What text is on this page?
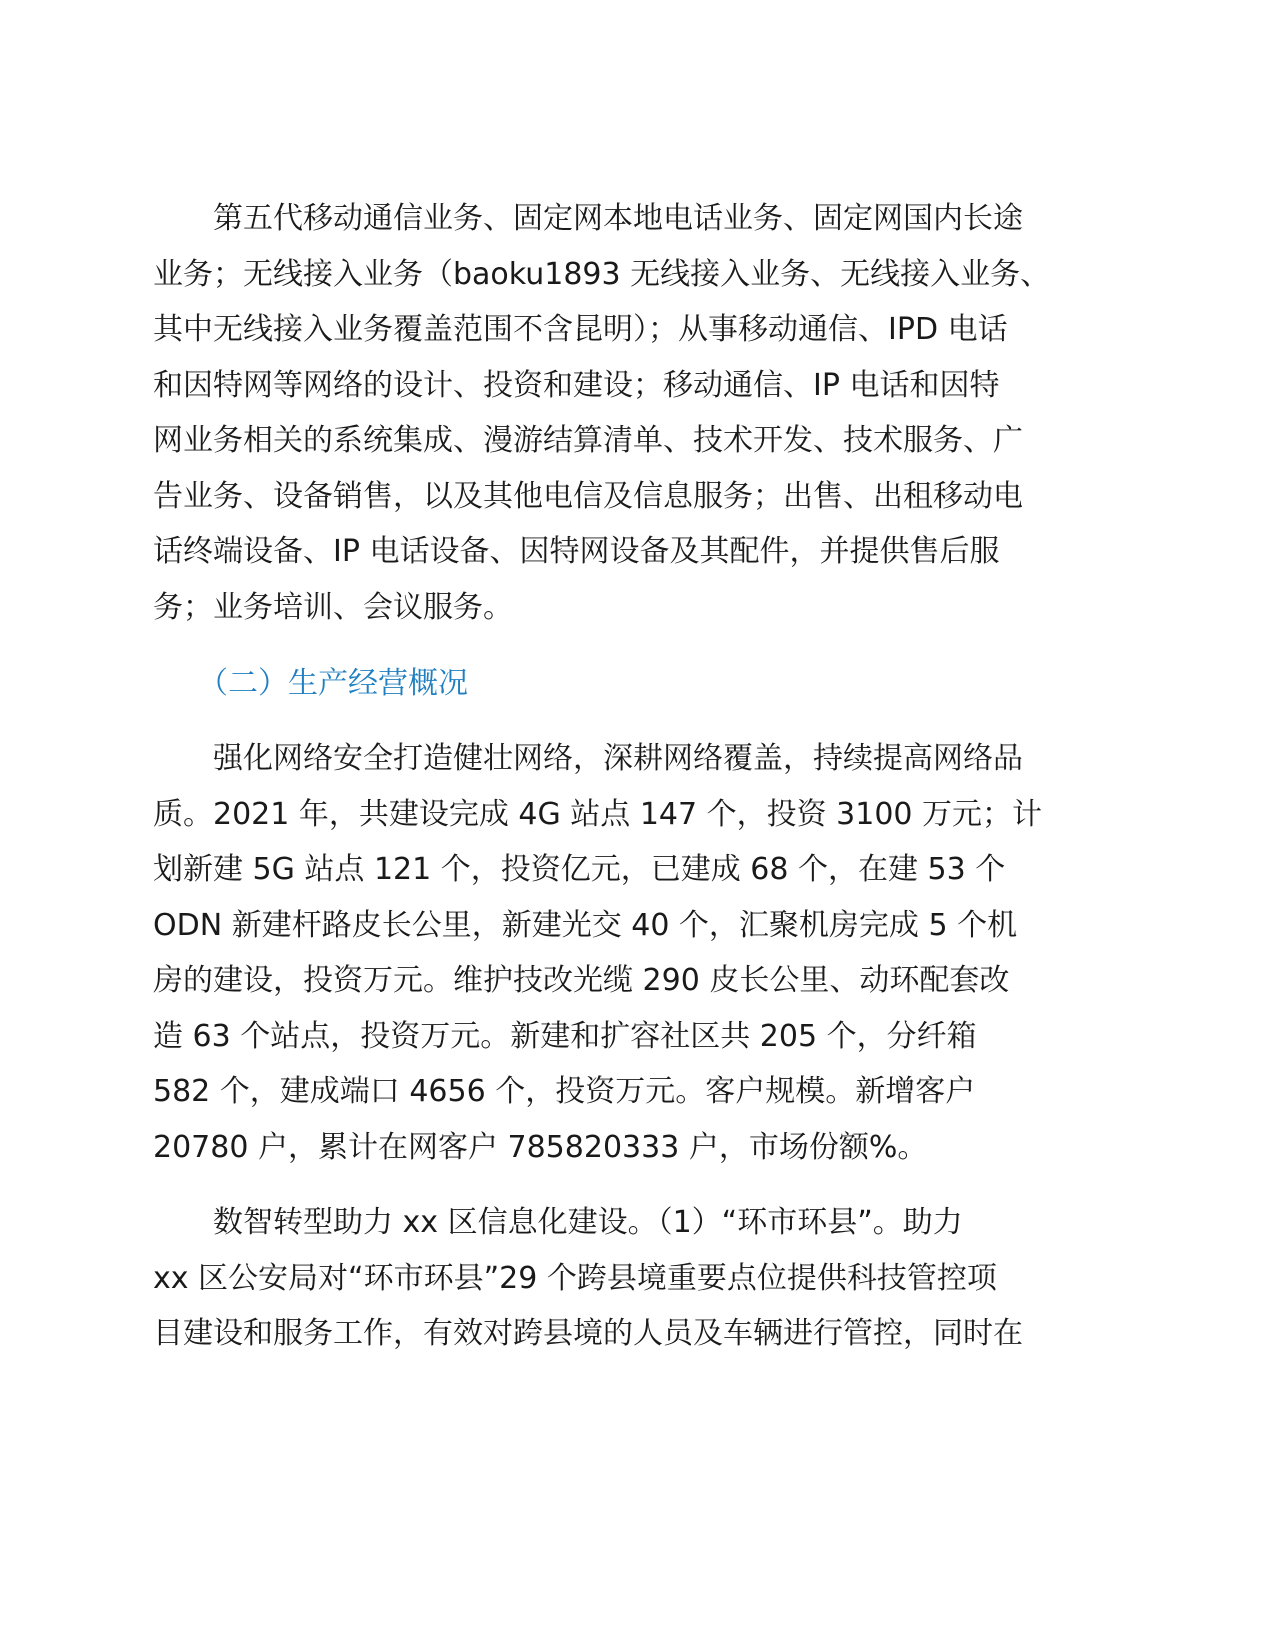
　　第五代移动通信业务、固定网本地电话业务、固定网国内长途

业务；无线接入业务（baoku1893 无线接入业务、无线接入业务、

其中无线接入业务覆盖范围不含昆明）；从事移动通信、IPD 电话

和因特网等网络的设计、投资和建设；移动通信、IP 电话和因特

网业务相关的系统集成、漫游结算清单、技术开发、技术服务、广

告业务、设备销售，以及其他电信及信息服务；出售、出租移动电

话终端设备、IP 电话设备、因特网设备及其配件，并提供售后服

务；业务培训、会议服务。

　　（二）生产经营概况

　　强化网络安全打造健壮网络，深耕网络覆盖，持续提高网络品

质。2021 年，共建设完成 4G 站点 147 个，投资 3100 万元；计

划新建 5G 站点 121 个，投资亿元，已建成 68 个，在建 53 个

ODN 新建杆路皮长公里，新建光交 40 个，汇聚机房完成 5 个机

房的建设，投资万元。维护技改光缆 290 皮长公里、动环配套改

造 63 个站点，投资万元。新建和扩容社区共 205 个，分纤箱

582 个，建成端口 4656 个，投资万元。客户规模。新增客户

20780 户，累计在网客户 785820333 户，市场份额%。

　　数智转型助力 xx 区信息化建设。（1）“环市环县”。助力

xx 区公安局对“环市环县”29 个跨县境重要点位提供科技管控项

目建设和服务工作，有效对跨县境的人员及车辆进行管控，同时在
